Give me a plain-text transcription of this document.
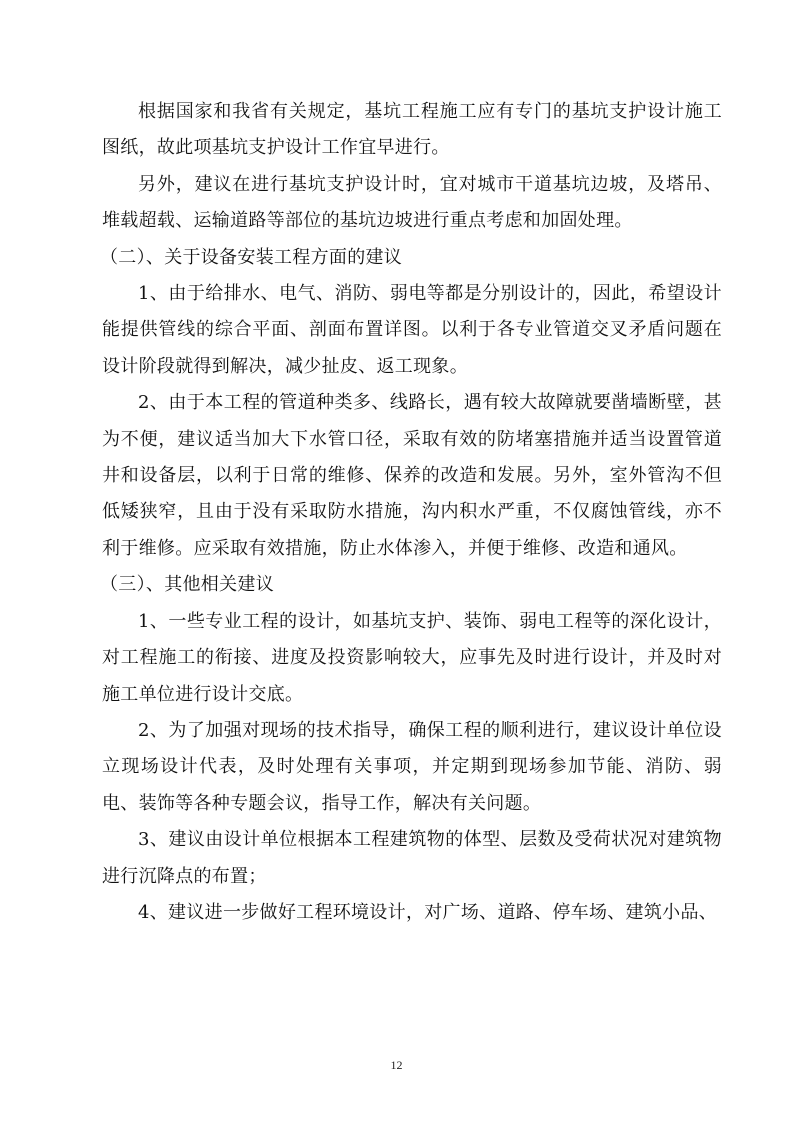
根据国家和我省有关规定，基坑工程施工应有专门的基坑支护设计施工图纸，故此项基坑支护设计工作宜早进行。

另外，建议在进行基坑支护设计时，宜对城市干道基坑边坡，及塔吊、堆载超载、运输道路等部位的基坑边坡进行重点考虑和加固处理。

（二）、关于设备安装工程方面的建议

1、由于给排水、电气、消防、弱电等都是分别设计的，因此，希望设计能提供管线的综合平面、剖面布置详图。以利于各专业管道交叉矛盾问题在设计阶段就得到解决，减少扯皮、返工现象。

2、由于本工程的管道种类多、线路长，遇有较大故障就要凿墙断壁，甚为不便，建议适当加大下水管口径，采取有效的防堵塞措施并适当设置管道井和设备层，以利于日常的维修、保养的改造和发展。另外，室外管沟不但低矮狭窄，且由于没有采取防水措施，沟内积水严重，不仅腐蚀管线，亦不利于维修。应采取有效措施，防止水体渗入，并便于维修、改造和通风。

（三）、其他相关建议

1、一些专业工程的设计，如基坑支护、装饰、弱电工程等的深化设计，对工程施工的衔接、进度及投资影响较大，应事先及时进行设计，并及时对施工单位进行设计交底。

2、为了加强对现场的技术指导，确保工程的顺利进行，建议设计单位设立现场设计代表，及时处理有关事项，并定期到现场参加节能、消防、弱电、装饰等各种专题会议，指导工作，解决有关问题。

3、建议由设计单位根据本工程建筑物的体型、层数及受荷状况对建筑物进行沉降点的布置；

4、建议进一步做好工程环境设计，对广场、道路、停车场、建筑小品、

12
